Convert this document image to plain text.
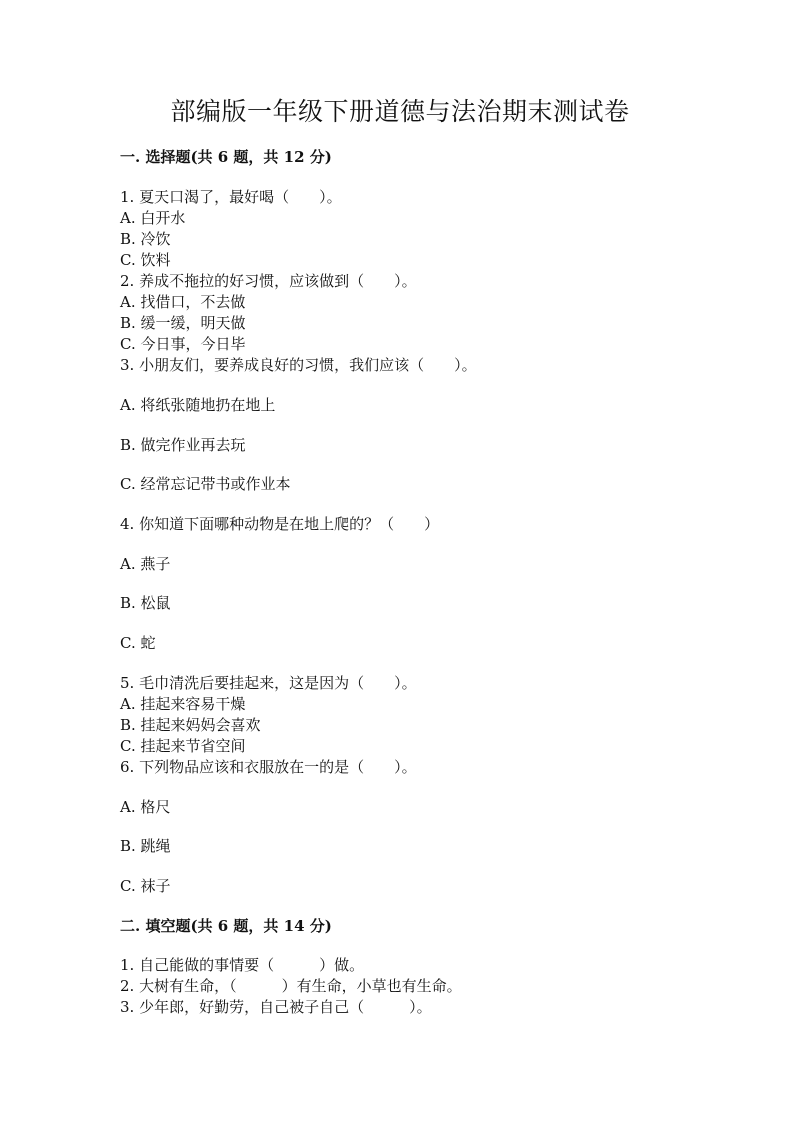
部编版一年级下册道德与法治期末测试卷
一. 选择题(共 6 题，共 12 分)
1. 夏天口渴了，最好喝（　　）。
A. 白开水
B. 冷饮
C. 饮料
2. 养成不拖拉的好习惯，应该做到（　　）。
A. 找借口，不去做
B. 缓一缓，明天做
C. 今日事，今日毕
3. 小朋友们，要养成良好的习惯，我们应该（　　）。
A. 将纸张随地扔在地上
B. 做完作业再去玩
C. 经常忘记带书或作业本
4. 你知道下面哪种动物是在地上爬的？（　　）
A. 燕子
B. 松鼠
C. 蛇
5. 毛巾清洗后要挂起来，这是因为（　　）。
A. 挂起来容易干燥
B. 挂起来妈妈会喜欢
C. 挂起来节省空间
6. 下列物品应该和衣服放在一的是（　　）。
A. 格尺
B. 跳绳
C. 袜子
二. 填空题(共 6 题，共 14 分)
1. 自己能做的事情要（　　　）做。
2. 大树有生命，（　　　）有生命，小草也有生命。
3. 少年郎，好勤劳，自己被子自己（　　　）。
